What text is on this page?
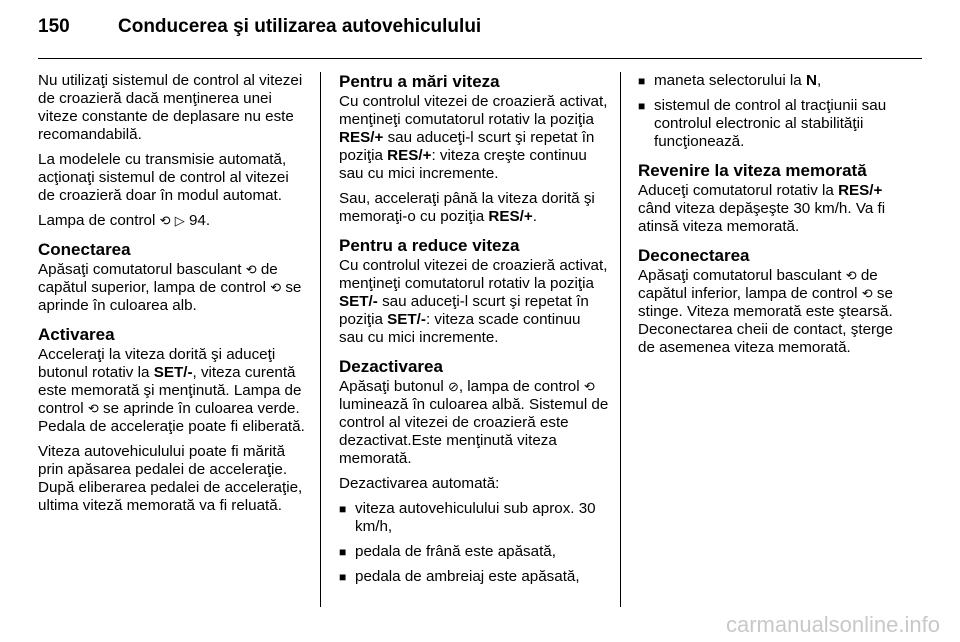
150	Conducerea şi utilizarea autovehiculului

Nu utilizaţi sistemul de control al vitezei de croazieră dacă menţinerea unei viteze constante de deplasare nu este recomandabilă.

La modelele cu transmisie automată, acţionaţi sistemul de control al vitezei de croazieră doar în modul automat.

Lampa de control ⟲ ▷ 94.

Conectarea

Apăsaţi comutatorul basculant ⟲ de capătul superior, lampa de control ⟲ se aprinde în culoarea alb.

Activarea

Acceleraţi la viteza dorită şi aduceţi butonul rotativ la SET/-, viteza curentă este memorată şi menţinută. Lampa de control ⟲ se aprinde în culoarea verde. Pedala de acceleraţie poate fi eliberată.

Viteza autovehiculului poate fi mărită prin apăsarea pedalei de acceleraţie. După eliberarea pedalei de acceleraţie, ultima viteză memorată va fi reluată.

Pentru a mări viteza

Cu controlul vitezei de croazieră activat, menţineţi comutatorul rotativ la poziţia RES/+ sau aduceţi-l scurt şi repetat în poziţia RES/+: viteza creşte continuu sau cu mici incremente.

Sau, acceleraţi până la viteza dorită şi memoraţi-o cu poziţia RES/+.

Pentru a reduce viteza

Cu controlul vitezei de croazieră activat, menţineţi comutatorul rotativ la poziţia SET/- sau aduceţi-l scurt şi repetat în poziţia SET/-: viteza scade continuu sau cu mici incremente.

Dezactivarea

Apăsaţi butonul ⊘, lampa de control ⟲ luminează în culoarea albă. Sistemul de control al vitezei de croazieră este dezactivat.Este menţinută viteza memorată.

Dezactivarea automată:

■ viteza autovehiculului sub aprox. 30 km/h,
■ pedala de frână este apăsată,
■ pedala de ambreiaj este apăsată,
■ maneta selectorului la N,
■ sistemul de control al tracţiunii sau controlul electronic al stabilităţii funcţionează.
Revenire la viteza memorată

Aduceţi comutatorul rotativ la RES/+ când viteza depăşeşte 30 km/h. Va fi atinsă viteza memorată.

Deconectarea

Apăsaţi comutatorul basculant ⟲ de capătul inferior, lampa de control ⟲ se stinge. Viteza memorată este ştearsă. Deconectarea cheii de contact, şterge de asemenea viteza memorată.

carmanualsonline.info
